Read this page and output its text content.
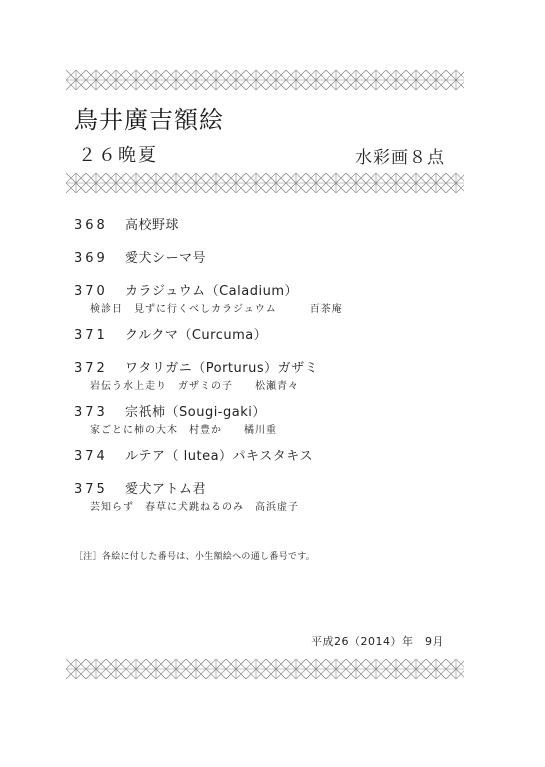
鳥井廣吉額絵
２６晩夏	水彩画８点
368 高校野球
369 愛犬シーマ号
370 カラジュウム（Caladium）
検診日　見ずに行くべしカラジュウム　　　百茶庵
371 クルクマ（Curcuma）
372 ワタリガニ（Porturus）ガザミ
岩伝う水上走り　ガザミの子　　松瀬青々
373 宗祇柿（Sougi-gaki）
家ごとに柿の大木　村豊か　　橘川重
374 ルテア（ lutea）パキスタキス
375 愛犬アトム君
芸知らず　春草に犬跳ねるのみ　高浜虚子
［注］各絵に付した番号は、小生額絵への通し番号です。
平成26（2014）年　9月
